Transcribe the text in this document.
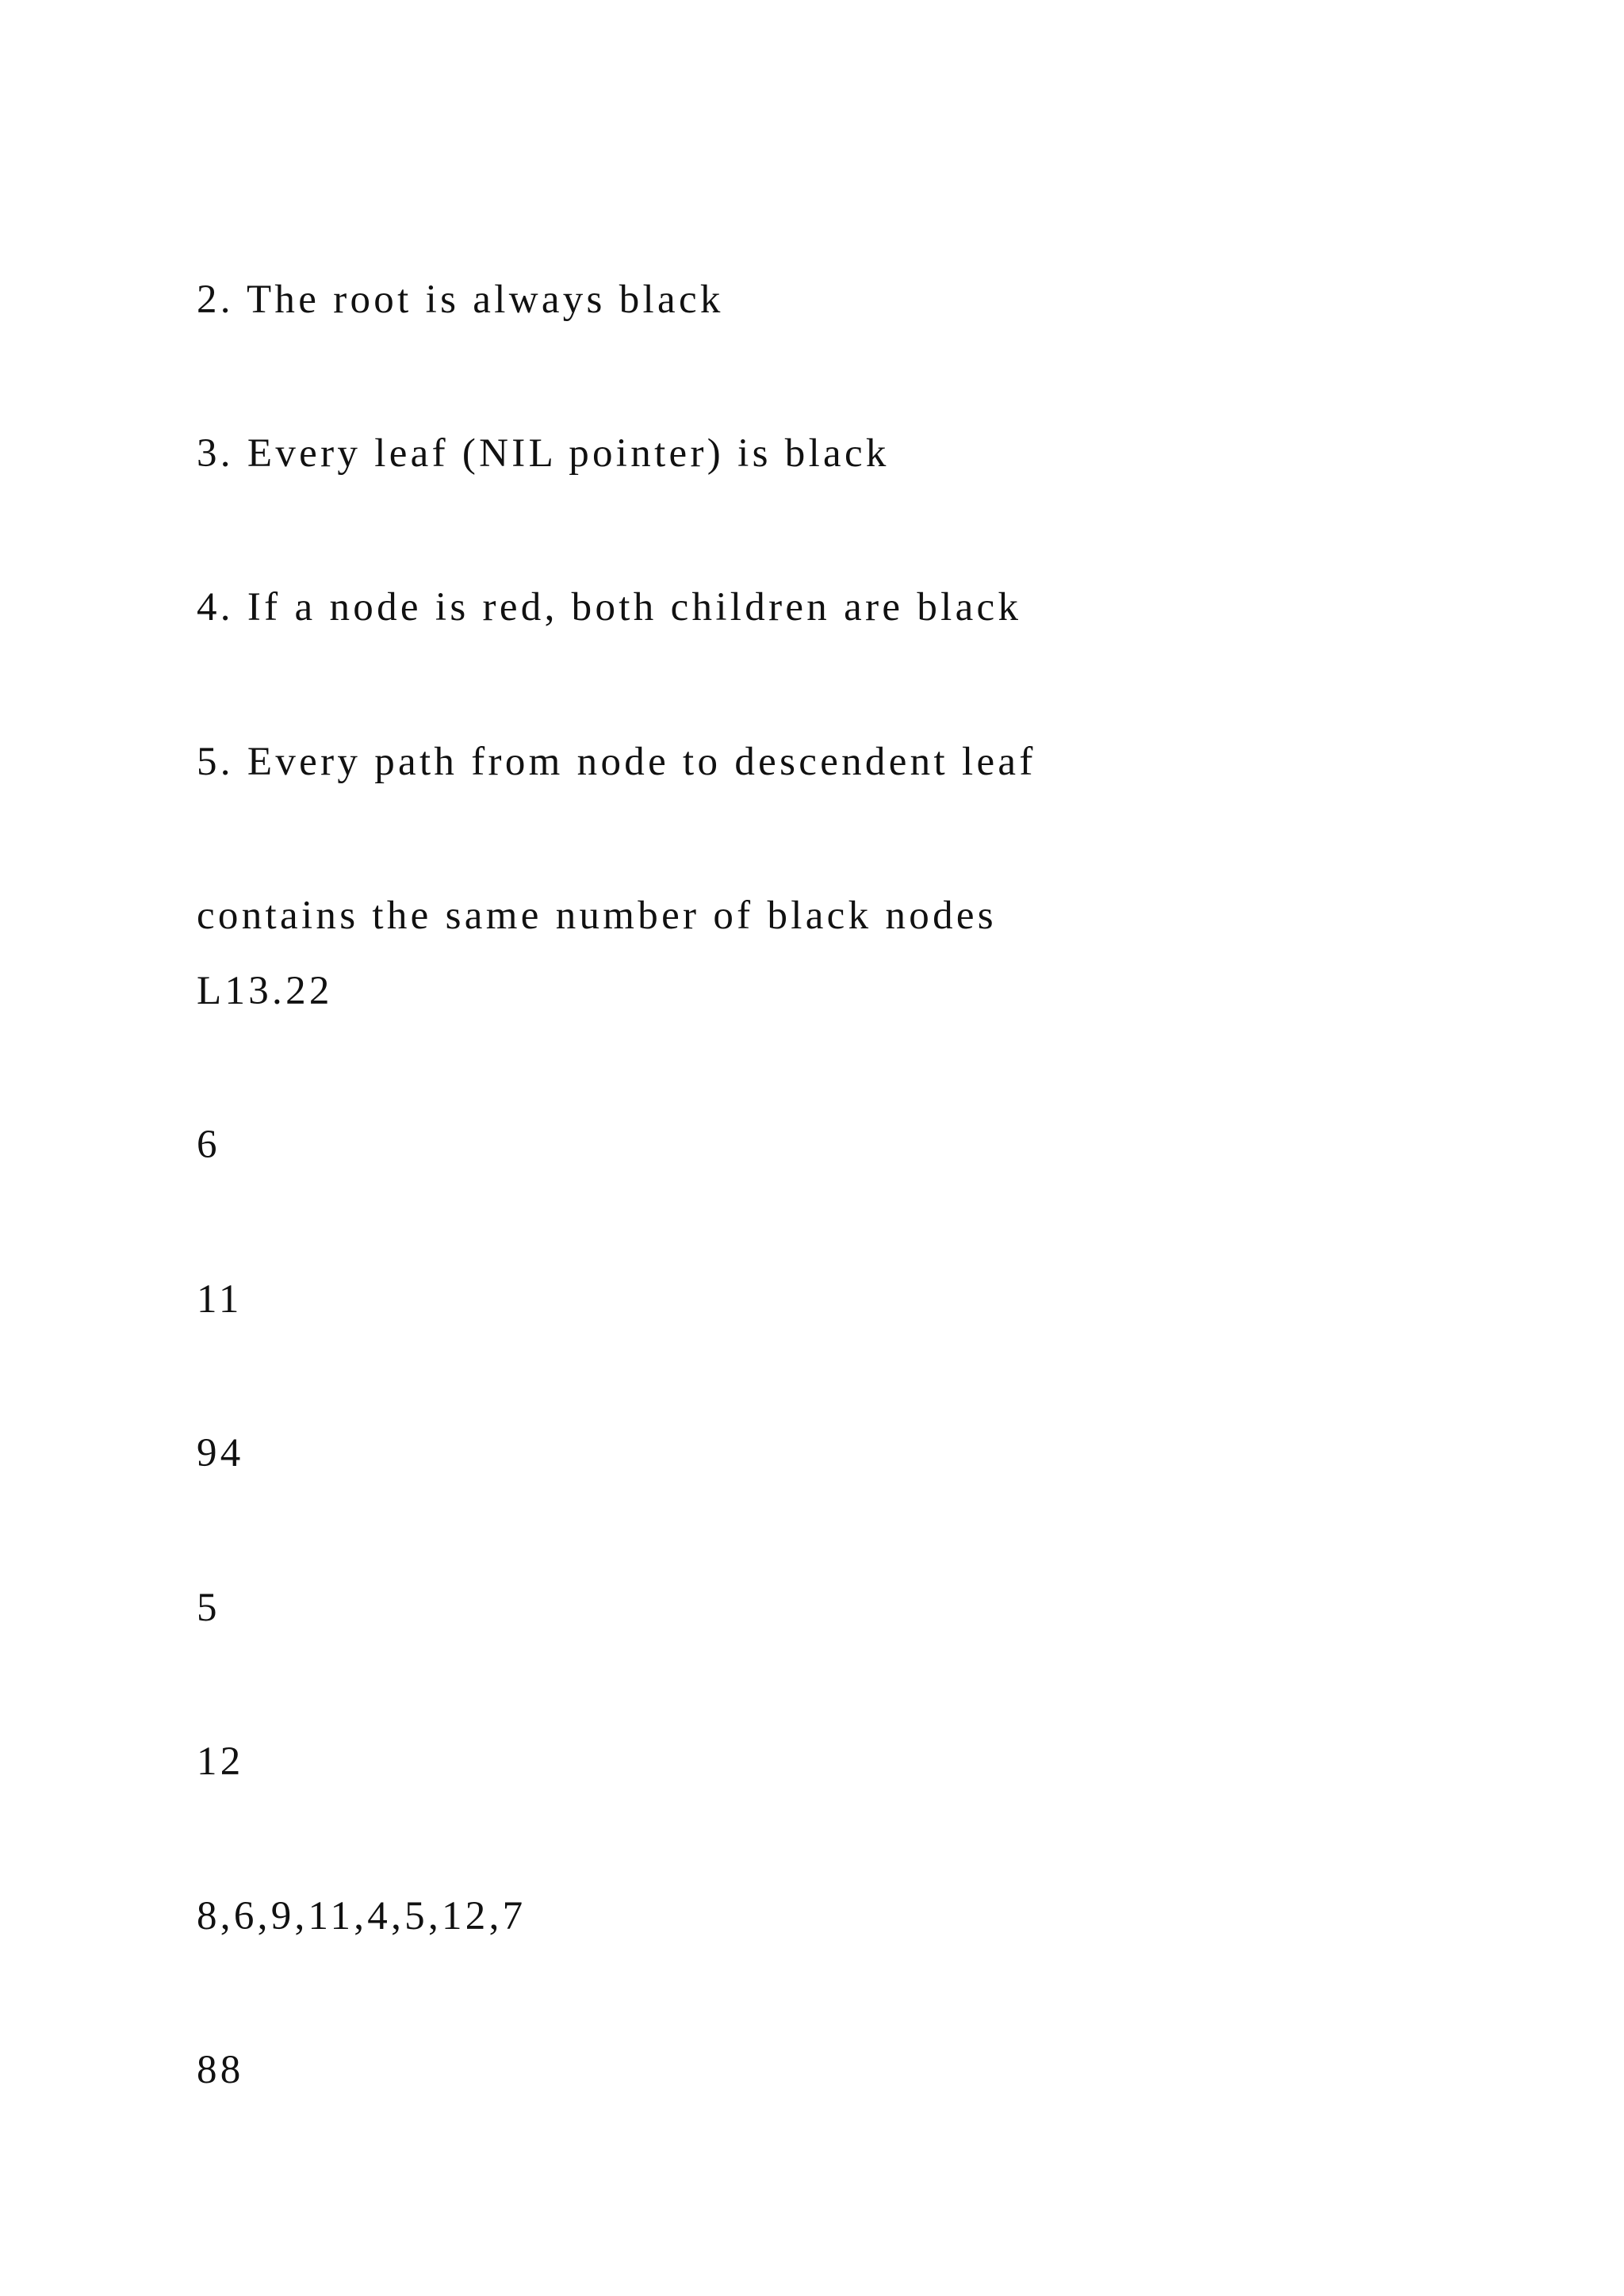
2. The root is always black

3. Every leaf (NIL pointer) is black

4. If a node is red, both children are black

5. Every path from node to descendent leaf

contains the same number of black nodes

L13.22

6

11

94

5

12

8,6,9,11,4,5,12,7

88
